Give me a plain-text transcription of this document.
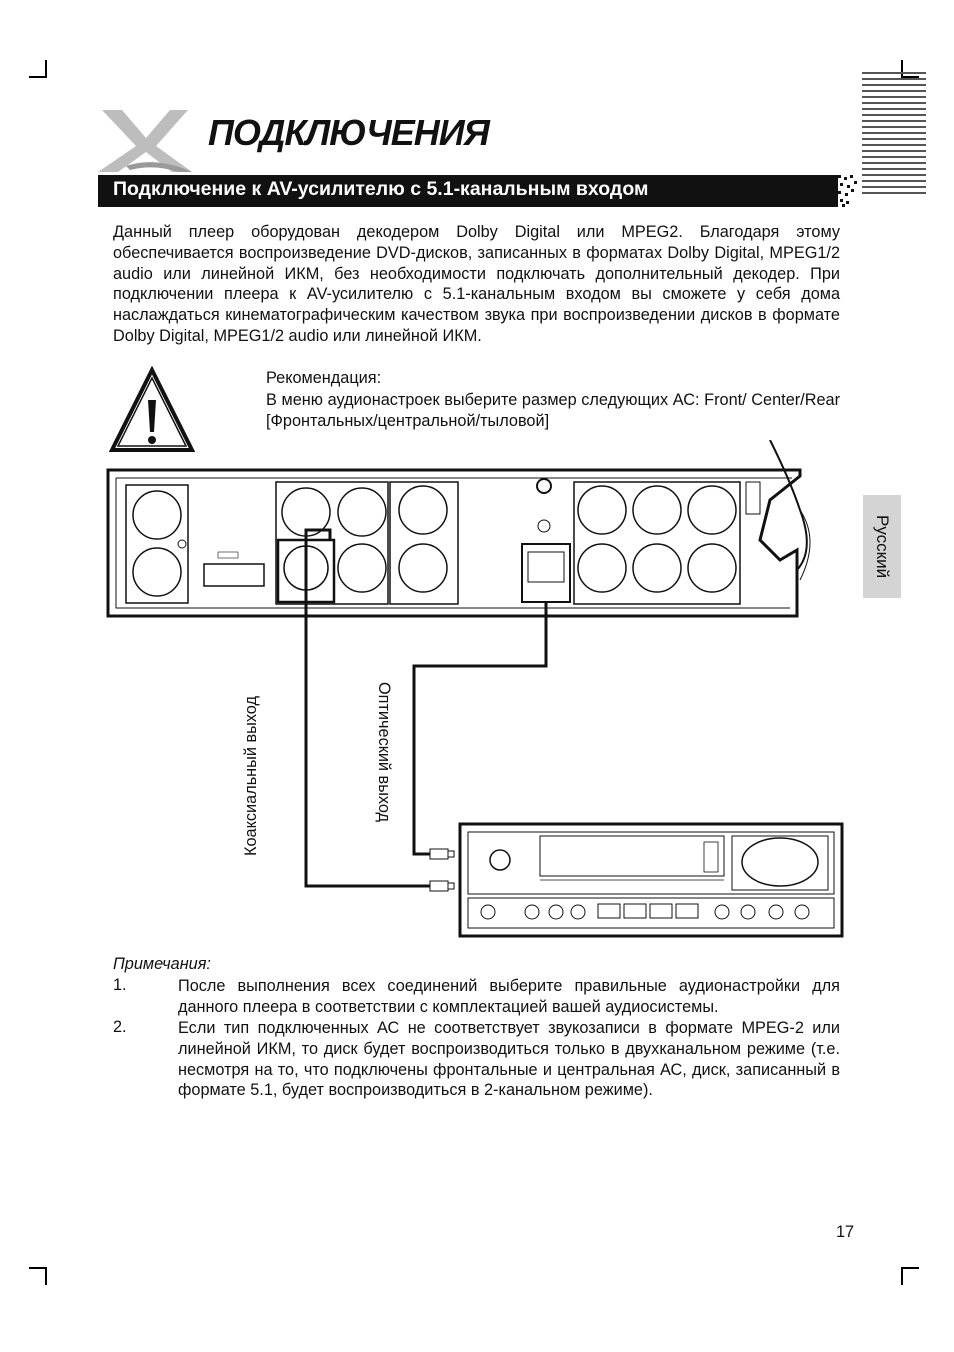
ПОДКЛЮЧЕНИЯ
Подключение к AV-усилителю с 5.1-канальным входом
Данный плеер оборудован декодером Dolby Digital или MPEG2. Благодаря этому обеспечивается воспроизведение DVD-дисков, записанных в форматах Dolby Digital, MPEG1/2 audio или линейной ИКМ, без необходимости подключать дополнительный декодер. При подключении плеера к AV-усилителю с 5.1-канальным входом вы сможете у себя дома наслаждаться кинематографическим качеством звука при воспроизведении дисков в формате Dolby Digital, MPEG1/2 audio или линейной ИКМ.
Рекомендация:
В меню аудионастроек выберите размер следующих АС: Front/ Center/Rear [Фронтальных/центральной/тыловой]
Русский
Коаксиальный выход	Оптический выход
Примечания:
1.	После выполнения всех соединений выберите правильные аудионастройки для данного плеера в соответствии с комплектацией вашей аудиосистемы.
2.	Если тип подключенных АС не соответствует звукозаписи в формате MPEG-2 или линейной ИКМ, то диск будет воспроизводиться только в двухканальном режиме (т.е. несмотря на то, что подключены фронтальные и центральная АС, диск, записанный в формате 5.1, будет воспроизводиться в 2-канальном режиме).
17
